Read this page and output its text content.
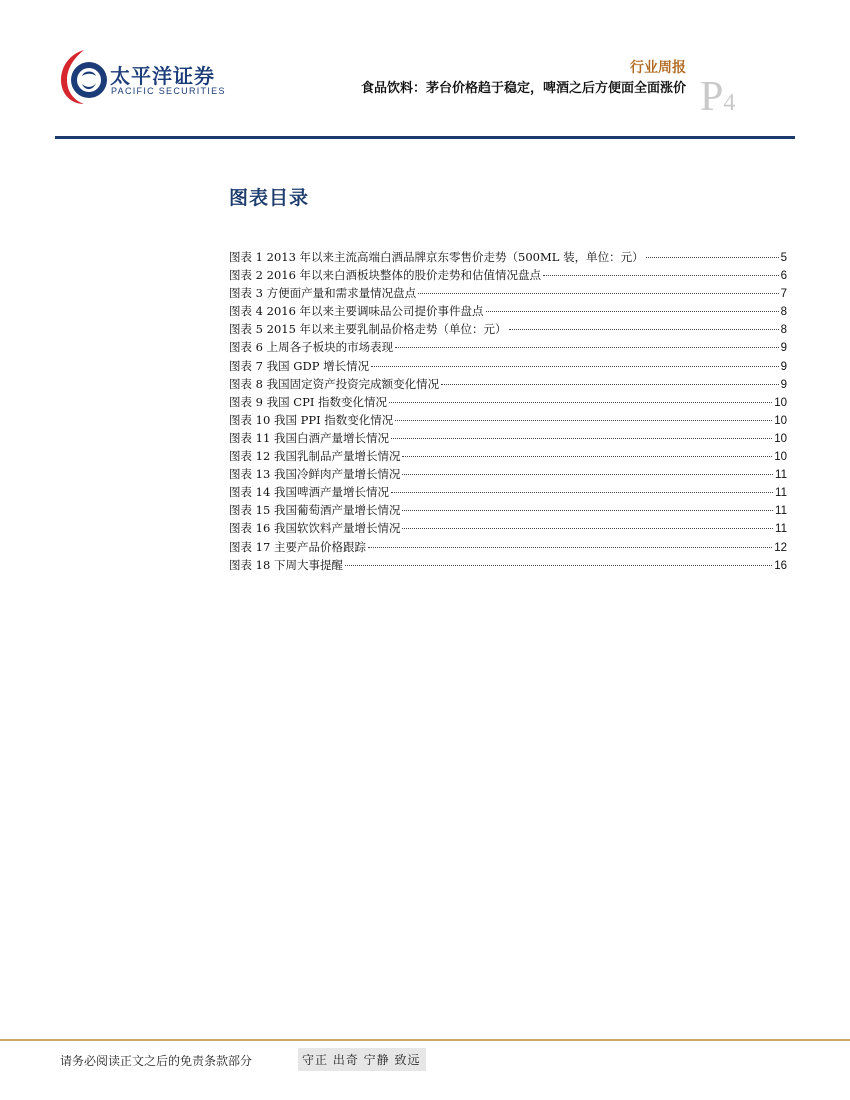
太平洋证券
PACIFIC SECURITIES
行业周报
食品饮料：茅台价格趋于稳定，啤酒之后方便面全面涨价 P4
图表目录
图表 1 2013 年以来主流高端白酒品牌京东零售价走势（500ML 装，单位：元）	5
图表 2 2016 年以来白酒板块整体的股价走势和估值情况盘点	6
图表 3 方便面产量和需求量情况盘点	7
图表 4 2016 年以来主要调味品公司提价事件盘点	8
图表 5 2015 年以来主要乳制品价格走势（单位：元）	8
图表 6 上周各子板块的市场表现	9
图表 7 我国 GDP 增长情况	9
图表 8 我国固定资产投资完成额变化情况	9
图表 9 我国 CPI 指数变化情况	10
图表 10 我国 PPI 指数变化情况	10
图表 11 我国白酒产量增长情况	10
图表 12 我国乳制品产量增长情况	10
图表 13 我国冷鲜肉产量增长情况	11
图表 14 我国啤酒产量增长情况	11
图表 15 我国葡萄酒产量增长情况	11
图表 16 我国软饮料产量增长情况	11
图表 17 主要产品价格跟踪	12
图表 18 下周大事提醒	16
请务必阅读正文之后的免责条款部分	守正 出奇 宁静 致远
